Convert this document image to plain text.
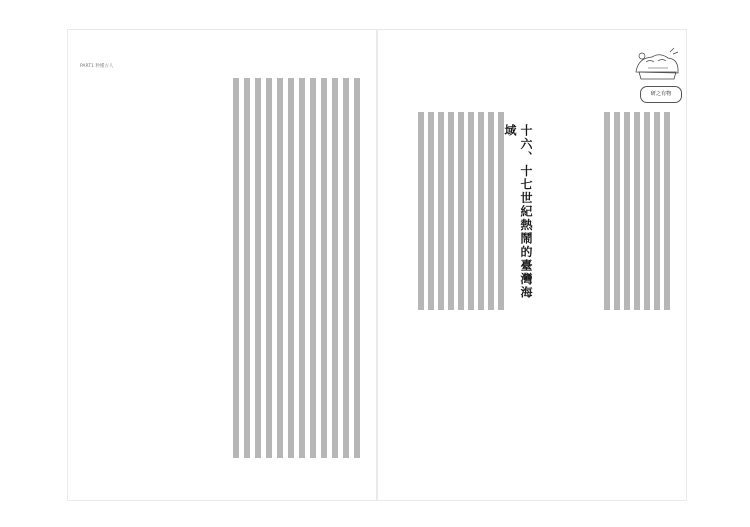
PART1 秒懂古人
研之有物
十六、十七世紀熱鬧的臺灣海域
